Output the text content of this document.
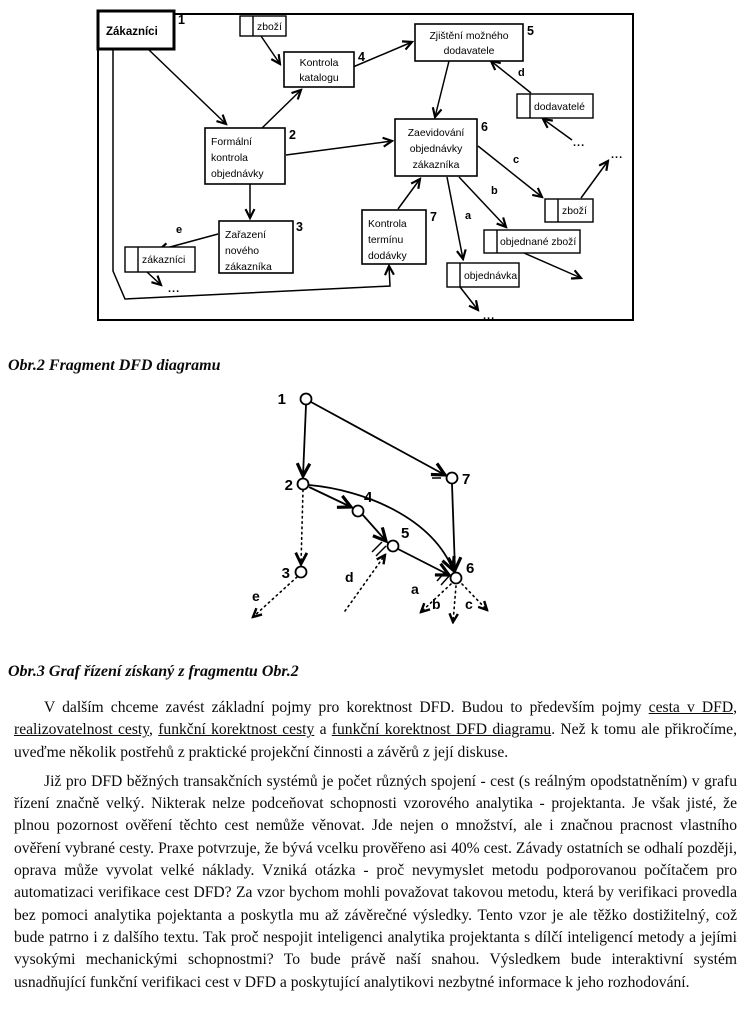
Zákazníci
1
Formální
kontrola
objednávky
2
Zařazení
nového
zákazníka
3
Kontrola
katalogu
4
Zjištění možného
dodavatele
5
Zaevidování
objednávky
zákazníka
6
Kontrola
termínu
dodávky
7
zboží
dodavatelé
zákazníci
zboží
objednané zboží
objednávka
d
e
a
b
c
...
...
...
...
Obr.2 Fragment DFD diagramu
1
2	7
4
5
3	6
e
d
a
b c
Obr.3 Graf řízení získaný z fragmentu Obr.2

V dalším chceme zavést základní pojmy pro korektnost DFD. Budou to především pojmy cesta v DFD, realizovatelnost cesty, funkční korektnost cesty a funkční korektnost DFD diagramu. Než k tomu ale přikročíme, uveďme několik postřehů z praktické projekční činnosti a závěrů z její diskuse.

Již pro DFD běžných transakčních systémů je počet různých spojení - cest (s reálným opodstatněním) v grafu řízení značně velký. Nikterak nelze podceňovat schopnosti vzorového analytika - projektanta. Je však jisté, že plnou pozornost ověření těchto cest nemůže věnovat. Jde nejen o množství, ale i značnou pracnost vlastního ověření vybrané cesty. Praxe potvrzuje, že bývá vcelku prověřeno asi 40% cest. Závady ostatních se odhalí později, oprava může vyvolat velké náklady. Vzniká otázka - proč nevymyslet metodu podporovanou počítačem pro automatizaci verifikace cest DFD? Za vzor bychom mohli považovat takovou metodu, která by verifikaci provedla bez pomoci analytika pojektanta a poskytla mu až závěrečné výsledky. Tento vzor je ale těžko dostižitelný, což bude patrno i z dalšího textu. Tak proč nespojit inteligenci analytika projektanta s dílčí inteligencí metody a jejími vysokými mechanickými schopnostmi? To bude právě naší snahou. Výsledkem bude interaktivní systém usnadňující funkční verifikaci cest v DFD a poskytující analytikovi nezbytné informace k jeho rozhodování.
